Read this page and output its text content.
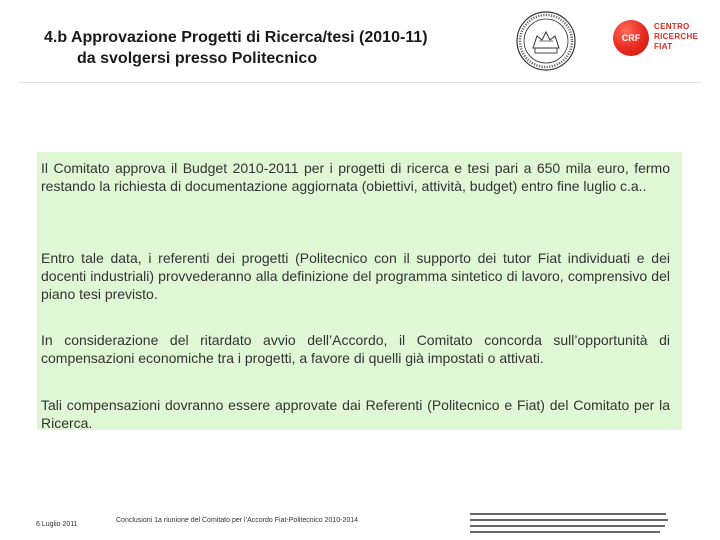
4.b Approvazione Progetti di Ricerca/tesi (2010-11)
da svolgersi presso Politecnico
CRF
CENTRO
RICERCHE
FIAT
Il Comitato approva il Budget 2010-2011 per i progetti di ricerca e tesi pari a 650 mila euro, fermo restando la richiesta di documentazione aggiornata (obiettivi, attività, budget) entro fine luglio c.a..
Entro tale data, i referenti dei progetti (Politecnico con il supporto dei tutor Fiat individuati e dei docenti industriali) provvederanno alla definizione del programma sintetico di lavoro, comprensivo del piano tesi previsto.
In considerazione del ritardato avvio dell’Accordo, il Comitato concorda sull’opportunità di compensazioni economiche tra i progetti, a favore di quelli già impostati o attivati.
Tali compensazioni dovranno essere approvate dai Referenti (Politecnico e Fiat) del Comitato per la Ricerca.
6 Luglio 2011
Conclusioni 1a riunione del Comitato per l’Accordo Fiat-Politecnico 2010-2014
